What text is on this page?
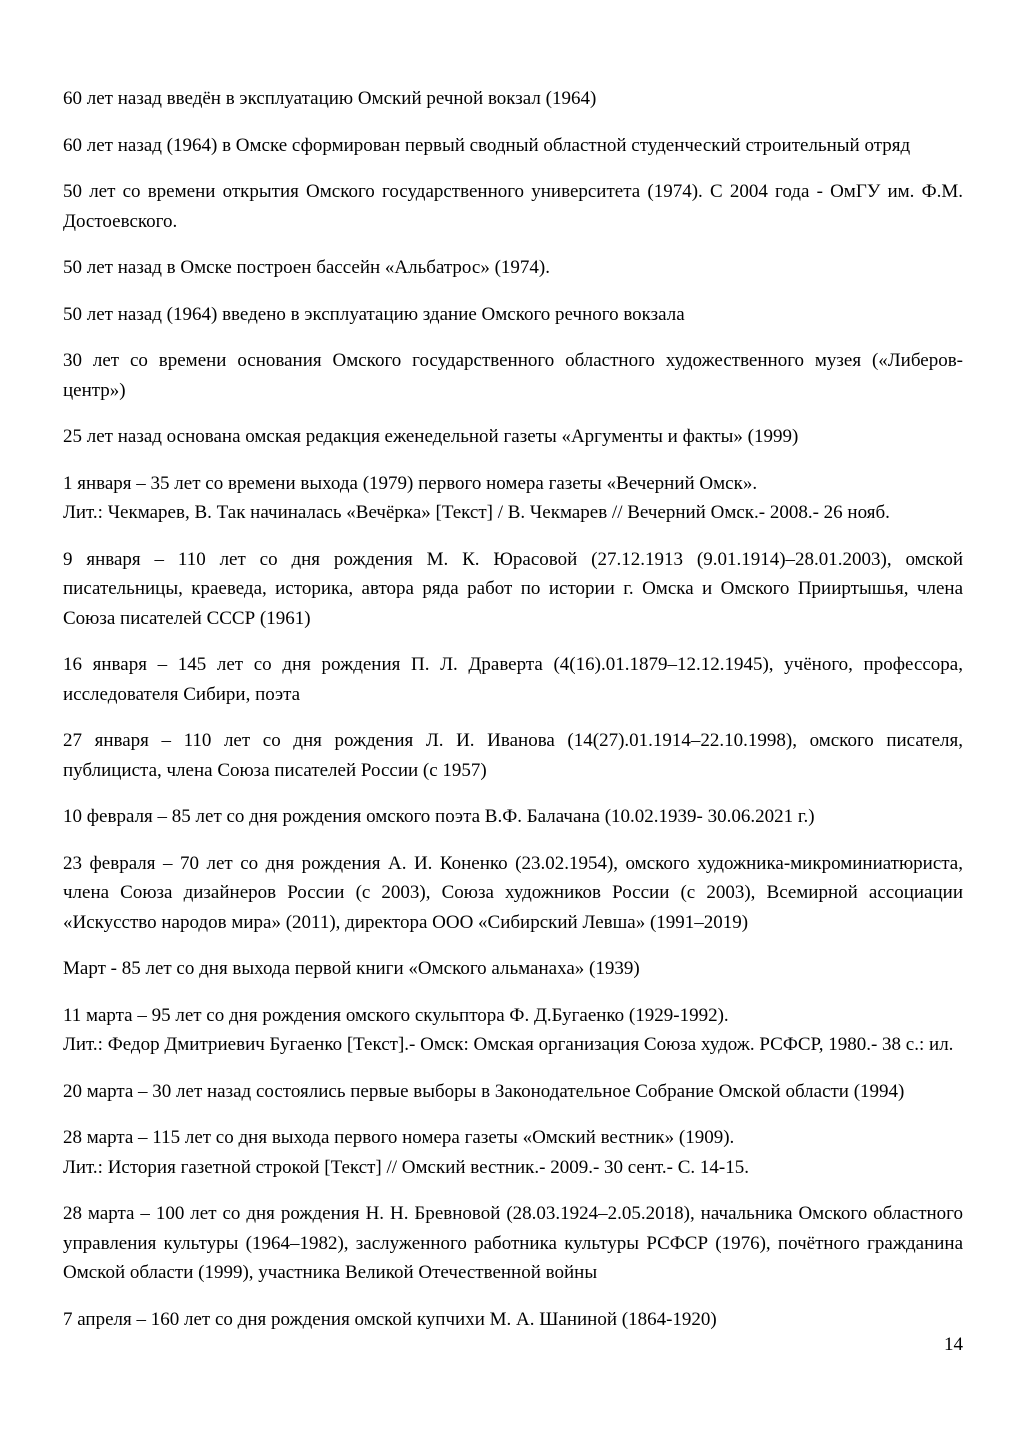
60 лет назад введён в эксплуатацию Омский речной вокзал (1964)

60 лет назад (1964) в Омске сформирован первый сводный областной студенческий строительный отряд

50 лет со времени открытия Омского государственного университета (1974). С 2004 года - ОмГУ им. Ф.М. Достоевского.

50 лет назад в Омске построен бассейн «Альбатрос» (1974).

50 лет назад (1964) введено в эксплуатацию здание Омского речного вокзала

30 лет со времени основания Омского государственного областного художественного музея («Либеров-центр»)

25 лет назад основана омская редакция еженедельной газеты «Аргументы и факты» (1999)

1 января – 35 лет со времени выхода (1979) первого номера газеты «Вечерний Омск».
Лит.: Чекмарев, В. Так начиналась «Вечёрка» [Текст] / В. Чекмарев // Вечерний Омск.- 2008.- 26 нояб.

9 января – 110 лет со дня рождения М. К. Юрасовой (27.12.1913 (9.01.1914)–28.01.2003), омской писательницы, краеведа, историка, автора ряда работ по истории г. Омска и Омского Прииртышья, члена Союза писателей СССР (1961)

16 января – 145 лет со дня рождения П. Л. Драверта (4(16).01.1879–12.12.1945), учёного, профессора, исследователя Сибири, поэта

27 января – 110 лет со дня рождения Л. И. Иванова (14(27).01.1914–22.10.1998), омского писателя, публициста, члена Союза писателей России (с 1957)

10 февраля – 85 лет со дня рождения омского поэта В.Ф. Балачана (10.02.1939- 30.06.2021 г.)

23 февраля – 70 лет со дня рождения А. И. Коненко (23.02.1954), омского художника-микроминиатюриста, члена Союза дизайнеров России (с 2003), Союза художников России (с 2003), Всемирной ассоциации «Искусство народов мира» (2011), директора ООО «Сибирский Левша» (1991–2019)

Март - 85 лет со дня выхода первой книги «Омского альманаха» (1939)

11 марта – 95 лет со дня рождения омского скульптора Ф. Д.Бугаенко (1929-1992).
Лит.: Федор Дмитриевич Бугаенко [Текст].- Омск: Омская организация Союза худож. РСФСР, 1980.- 38 с.: ил.

20 марта – 30 лет назад состоялись первые выборы в Законодательное Собрание Омской области (1994)

28 марта – 115 лет со дня выхода первого номера газеты «Омский вестник» (1909).
Лит.: История газетной строкой [Текст] // Омский вестник.- 2009.- 30 сент.- С. 14-15.

28 марта – 100 лет со дня рождения Н. Н. Бревновой (28.03.1924–2.05.2018), начальника Омского областного управления культуры (1964–1982), заслуженного работника культуры РСФСР (1976), почётного гражданина Омской области (1999), участника Великой Отечественной войны

7 апреля – 160 лет со дня рождения омской купчихи М. А. Шаниной (1864-1920)

14
